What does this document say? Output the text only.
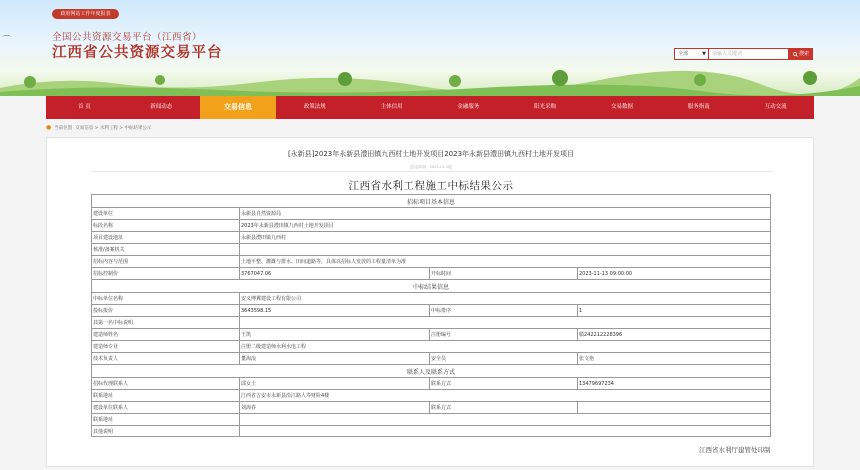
⌒
政府网站工作年度报表
全国公共资源交易平台（江西省）
江西省公共资源交易平台	全部	▼	请输入关键词	搜索
首 页	新闻动态	交易信息	政策法规	主体信用	金融服务	阳光采购	交易数据	服务指南	互动交流
● 当前位置 交易信息 > 水利工程 > 中标结果公示
[永新县]2023年永新县澧田镇九西村土地开发项目2023年永新县澧田镇九西村土地开发项目
【信息时间：2023-11-30】
江西省水利工程施工中标结果公示
招标项目基本信息			
建设单位	永新县自然资源局		
标段名称	2023年永新县澧田镇九西村土地开发项目		
项目建设地址	永新县澧田镇九西村		
核准/备案机关			
招标内容与范围	土地平整、灌溉与排水、田间道路等，具体以招标人发放的工程量清单为准		
招标控制价	3767047.06	开标时间	2023-11-13 09:00:00
中标结果信息			
中标单位名称	安义博翼建设工程有限公司		
投标报价	3643598.15	中标排序	1
其第一名中标说明			
建造师姓名	王凯	注册编号	赣242212228396
建造师专业	注册二级建造师水利水电工程		
技术负责人	董海浪	安全员	张文艳
联系人及联系方式			
招标代理联系人	邱女士	联系方式	13479697234
联系地址	江西省吉安市永新县沿江路人寿财险4楼		
建设单位联系人	刘海春	联系方式	
联系地址			
其他说明			
江西省水利厅建管处印制
